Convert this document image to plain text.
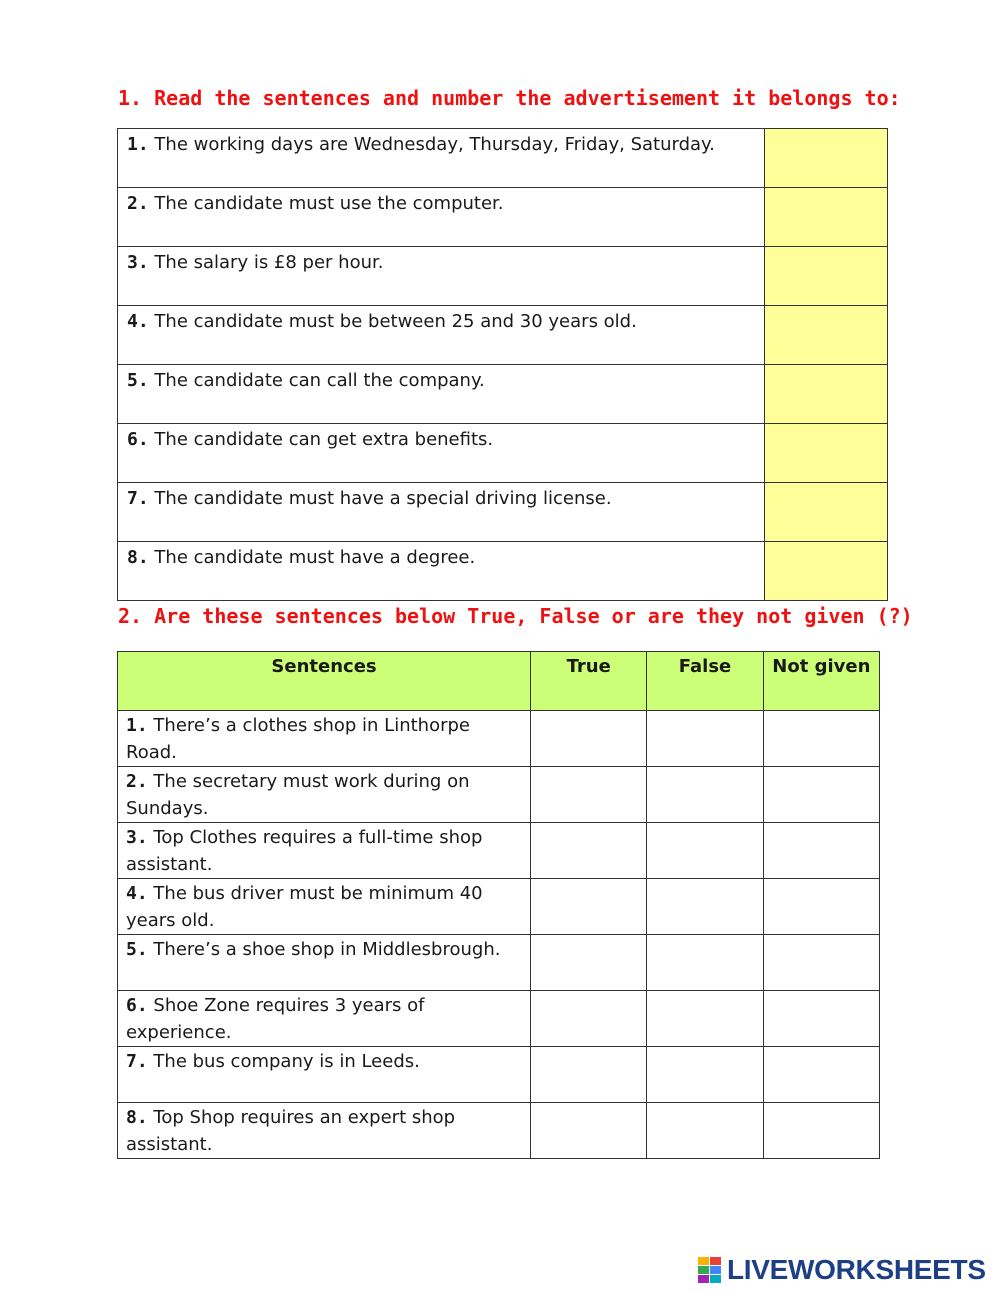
1. Read the sentences and number the advertisement it belongs to:
1. The working days are Wednesday, Thursday, Friday, Saturday.	
2. The candidate must use the computer.	
3. The salary is £8 per hour.	
4. The candidate must be between 25 and 30 years old.	
5. The candidate can call the company.	
6. The candidate can get extra benefits.	
7. The candidate must have a special driving license.	
8. The candidate must have a degree.	
2. Are these sentences below True, False or are they not given (?)
Sentences	True	False	Not given
1. There’s a clothes shop in Linthorpe Road.			
2. The secretary must work during on Sundays.			
3. Top Clothes requires a full-time shop assistant.			
4. The bus driver must be minimum 40 years old.			
5. There’s a shoe shop in Middlesbrough.			
6. Shoe Zone requires 3 years of experience.			
7. The bus company is in Leeds.			
8. Top Shop requires an expert shop assistant.			
LIVEWORKSHEETS
